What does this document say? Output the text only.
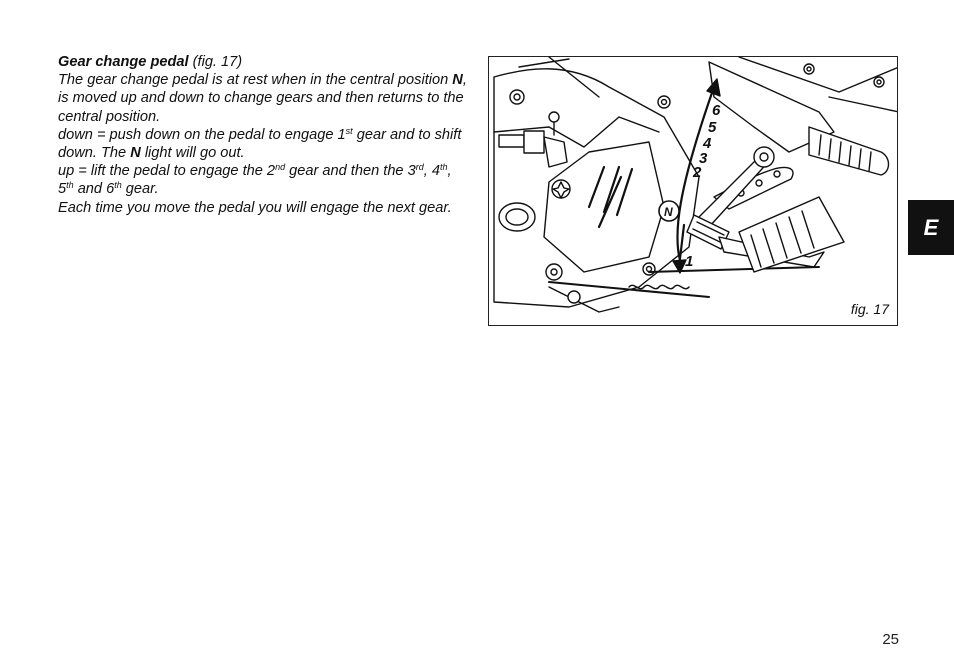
Gear change pedal (fig. 17)

The gear change pedal is at rest when in the central position N, is moved up and down to change gears and then returns to the central position.

down = push down on the pedal to engage 1st gear and to shift down. The N light will go out.

up = lift the pedal to engage the 2nd gear and then the 3rd, 4th, 5th and 6th gear.

Each time you move the pedal you will engage the next gear.

6
5
4
3
2
N
1
fig. 17
E
25
